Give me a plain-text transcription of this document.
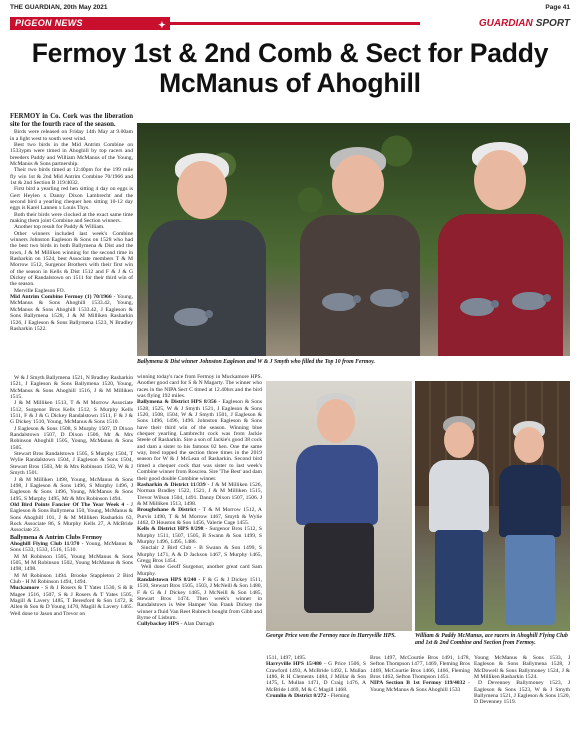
THE GUARDIAN, 20th May 2021	Page 41
PIGEON NEWS	✦	GUARDIAN SPORT
Fermoy 1st & 2nd Comb & Sect for Paddy McManus of Ahoghill

FERMOY in Co. Cork was the liberation site for the fourth race of the season.

Birds were released on Friday 14th May at 9.00am in a light west to south west wind.

Best two birds in the Mid Antrim Combine on 1533ypm were timed in Ahoghill by top racers and breeders Paddy and William McManus of the Young, McManus & Sons partnership.

Their two birds timed at 12:40pm for the 199 mile fly win 1st & 2nd Mid Antrim Combine 70/1966 and 1st & 2nd Section B 119/4032.

First bird a yearling red hen sitting 4 day on eggs is Gert Heylen x Danny Dixon Lambrecht and the second bird a yearling chequer hen sitting 10-12 day eggs is Karel Lannen x Louis Thys.

Both their birds were clocked at the exact same time making them joint Combine and Section winners.

Another top result for Paddy & William.

Other winners included last week's Combine winners Johnston Eagleson & Sons on 1528 who had the best two birds in both Ballymena & Dist and the town, J & M Milliken winning for the second time in Rasharkin on 1524, best Associate members T & M Morrow 1512, Surgenor Brothers with their first win of the season in Kells & Dist 1512 and F & J & G Dickey of Randalstown on 1511 for their third win of the season.

Merville Eagleson FO.

Mid Antrim Combine Fermoy (1) 70/1966 - Young, McManus & Sons Ahoghill 1533.42, Young, McManus & Sons Ahoghill 1533.42, J Eagleson & Sons Ballymena 1528, J & M Milliken Rasharkin 1526, J Eagleson & Sons Ballymena 1523, N Bradley Rasharkin 1522.

W & J Smyth Ballymena 1521, N Bradley Rasharkin 1521, J Eagleson & Sons Ballymena 1520, Young, McManus & Sons Ahoghill 1516, J & M Milliken 1515.

J & M Milliken 1513, T & M Morrow Associate 1512, Surgenor Bros Kells 1512, S Murphy Kells 1511, F & J & G Dickey Randalstown 1511, F & J & G Dickey 1510, Young, McManus & Sons 1510.

J Eagleson & Sons 1508, S Murphy 1507, D Dixon Randalstown 1507, D Dixon 1506, Mr & Mrs Robinson Ahoghill 1505, Young, McManus & Sons 1505.

Stewart Bros Randalstown 1505, S Murphy 1504, T Wylie Randalstown 1504, J Eagleson & Sons 1504, Stewart Bros 1503, Mr & Mrs Robinson 1502, W & J Smyth 1501.

J & M Milliken 1498, Young, McManus & Sons 1498, J Eagleson & Sons 1496, S Murphy 1496, J Eagleson & Sons 1496, Young, McManus & Sons 1495, S Murphy 1495, Mr & Mrs Robinson 1494.

Old Bird Points Fancier Of The Year Week 4 - J Eagleson & Sons Ballymena 150, Young, McManus & Sons Ahoghill 101, J & M Milliken Rasharkin 63, Rock Associate 86, S Murphy Kells 27, A McBride Associate 23.

Ballymena & Antrim Clubs Fermoy

Ahoghill Flying Club 11/370 - Young, McManus & Sons 1533, 1533, 1516, 1510.

M M Robinson 1505, Young McManus & Sons 1505, M M Robinson 1502, Young McManus & Sons 1498, 1498.

M M Robinson 1494. Brooke Stappleton 2 Bird Club - H M Robinson 1494, 1494.

Muckamore - S & J Rosers & T Yates 1530, S & R Magee 1516, 1507, S & J Rosers & T Yates 1505, Magill & Lavery 1485, T Beresford & Son 1472, R Allen & Son & D Young 1470, Magill & Lavery 1465. Well done to Jason and Trevor on

Ballymena & Dist winner Johnston Eagleson and W & J Smyth who filled the Top 10 from Fermoy.

winning today's race from Fermoy in Muckamore HPS. Another good card for S & N Magarty. The winner who races in the NIPA Sect C timed at 12.40hrs and the bird was flying 192 miles.

Ballymena & District HPS 8/356 - Eagleson & Sons 1528, 1525, W & J Smyth 1521, J Eagleson & Sons 1520, 1508, 1504, W & J Smyth 1501, J Eagleson & Sons 1496, 1496, 1496. Johnston Eagleson & Sons have their third win of the season. Winning blue chequer yearling Lambrecht cock was from Jackie Steele of Rasharkin. Sire a son of Jackie's good 38 cock and dam a sister to his famous 02 hen. One the same way, bred topped the section three times in the 2019 season for W & J McLean of Rasharkin. Second bird timed a chequer cock that was sister to last week's Combine winner from Roscrea. Sire 'The Best' and dam their good double Combine winner.

Rasharkin & District 11/339 - J & M Milliken 1526, Norman Bradley 1522, 1521, J & M Milliken 1515, Trevor Wilson 1504, 1491. Danny Dixon 1507, 1506. J & M Milliken 1513, 1498.

Broughshane & District - T & M Morrow 1512, A Purvis 1490, T & M Morrow 1467, Smyth & Wylie 1462, D Houston & Son 1456, Valerie Cage 1455.

Kells & District HPS 8/298 - Surgenor Bros 1512, S Murphy 1511, 1507, 1505, B Swann & Son 1499, S Murphy 1496, 1495, 1486.

Sinclair 2 Bird Club - B Swann & Son 1499, S Murphy 1471, A & D Jackson 1467, S Murphy 1465, Gregg Bros 1454.

Well done Geoff Surgenor, another great card Sam Murphy.

Randalstown HPS 8/240 - F & G & J Dickey 1511, 1510, Stewart Bros 1505, 1503, J McNeill & Son 1480, F & G & J Dickey 1485, J McNeill & Son 1485, Stewart Bros 1474. Then week's winner in Randalstown is Wee Hamper Van Frank Dickey the winner a fluid Van Reet Rubrech bought from Gibb and Byrne of Lisburn.

Cullybackey HPS - Alan Darragh

George Price won the Fermoy race in Harryville HPS.	William & Paddy McManus, ace racers in Ahoghill Flying Club and 1st & 2nd Combine and Section from Fermoy.

1511, 1497, 1495.

Harryville HPS 15/480 - G Price 1506, S Crawford 1493, A McBride 1492, L Mullan 1486, R H Clements 1484, J Millar & Son 1475, L Mullan 1471, D Craig 1476, A McBride 1469, M & C Magill 1468.

Crumlin & District 8/272 - Fleming

Bros 1497, McCourtie Bros 1491, 1478, Sefton Thompson 1477, 1469, Fleming Bros 1469, McCourtie Bros 1466, 1466, Fleming Bros 1462, Sefton Thompson 1451.

NIPA Section B 1st Fermoy 119/4032 - Young McManus & Sons Ahoghill 1533

Young McManus & Sons 1533, J Eagleson & Sons Ballymena 1528, J McDowell & Sons Ballymoney 1524, J & M Milliken Rasharkin 1524.

D Devenney Ballymoney 1523, J Eagleson & Sons 1523, W & J Smyth Ballymena 1521, J Eagleson & Sons 1520, D Devenney 1519.
